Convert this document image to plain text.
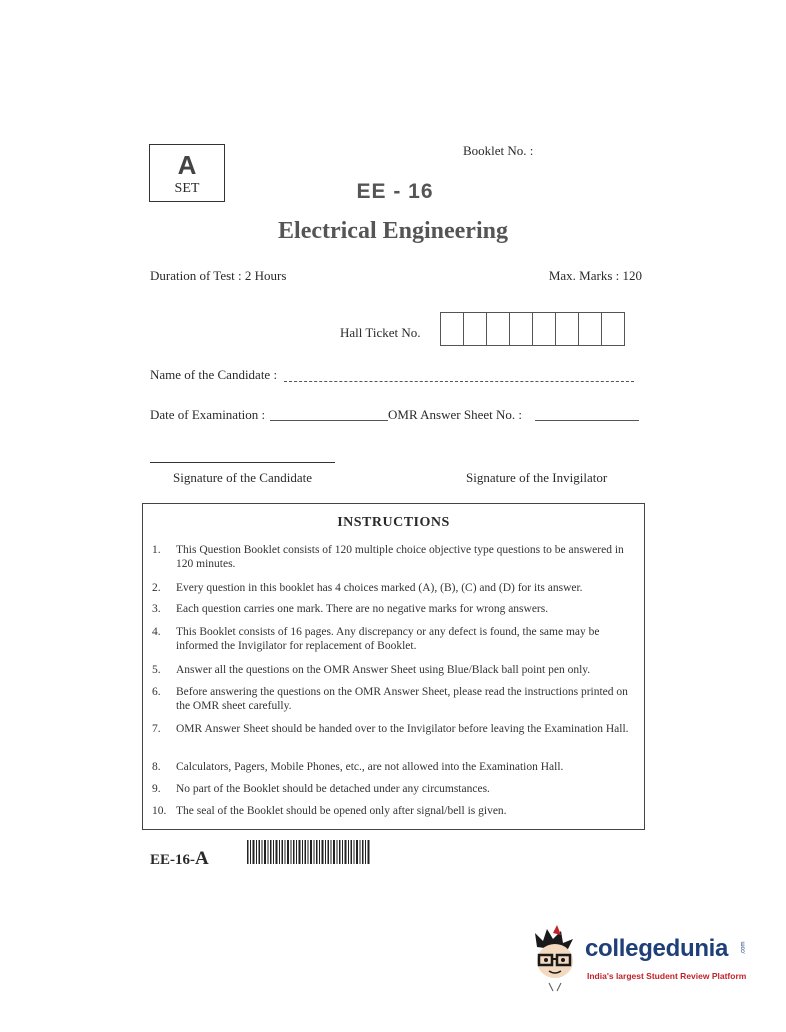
A
SET
Booklet No. :
EE - 16
Electrical Engineering
Duration of Test : 2 Hours	Max. Marks : 120
Hall Ticket No.
Name of the Candidate :
Date of Examination :	OMR Answer Sheet No. :
Signature of the Candidate	Signature of the Invigilator
INSTRUCTIONS
1.	This Question Booklet consists of 120 multiple choice objective type questions to be answered in 120 minutes.
2.	Every question in this booklet has 4 choices marked (A), (B), (C) and (D) for its answer.
3.	Each question carries one mark. There are no negative marks for wrong answers.
4.	This Booklet consists of 16 pages. Any discrepancy or any defect is found, the same may be informed the Invigilator for replacement of Booklet.
5.	Answer all the questions on the OMR Answer Sheet using Blue/Black ball point pen only.
6.	Before answering the questions on the OMR Answer Sheet, please read the instructions printed on the OMR sheet carefully.
7.	OMR Answer Sheet should be handed over to the Invigilator before leaving the Examination Hall.
8.	Calculators, Pagers, Mobile Phones, etc., are not allowed into the Examination Hall.
9.	No part of the Booklet should be detached under any circumstances.
10. The seal of the Booklet should be opened only after signal/bell is given.
EE-16-A
collegedunia .com
India's largest Student Review Platform
